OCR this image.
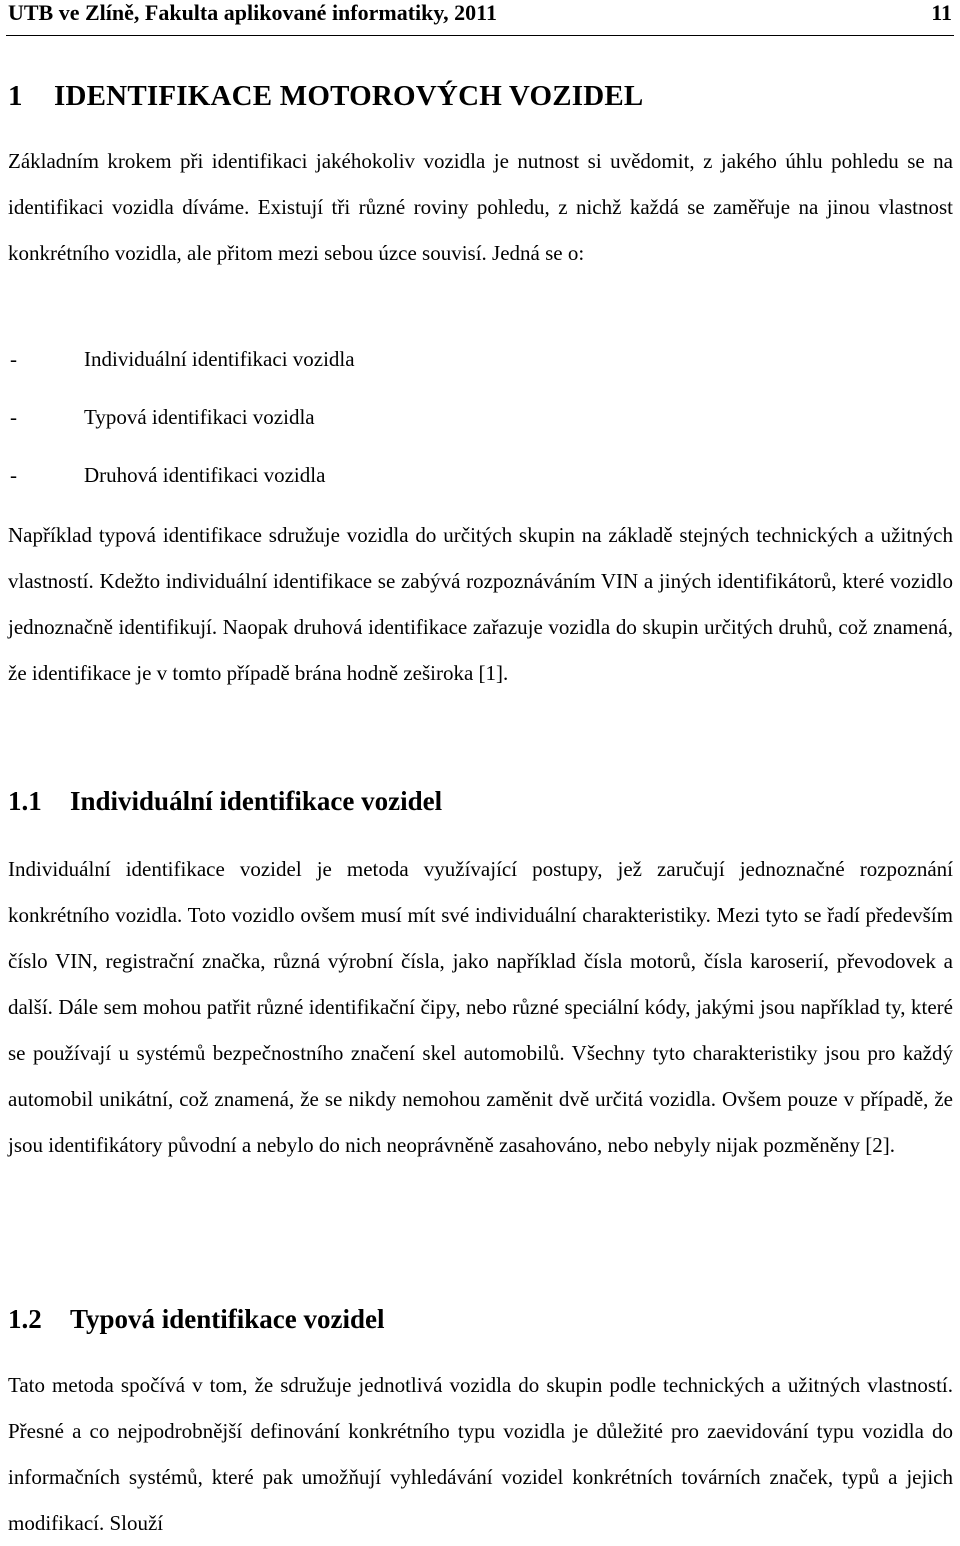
UTB ve Zlíně, Fakulta aplikované informatiky, 2011	11
1 IDENTIFIKACE MOTOROVÝCH VOZIDEL

Základním krokem při identifikaci jakéhokoliv vozidla je nutnost si uvědomit, z jakého úhlu pohledu se na identifikaci vozidla díváme. Existují tři různé roviny pohledu, z nichž každá se zaměřuje na jinou vlastnost konkrétního vozidla, ale přitom mezi sebou úzce souvisí. Jedná se o:

-	Individuální identifikaci vozidla
-	Typová identifikaci vozidla
-	Druhová identifikaci vozidla

Například typová identifikace sdružuje vozidla do určitých skupin na základě stejných technických a užitných vlastností. Kdežto individuální identifikace se zabývá rozpoznáváním VIN a jiných identifikátorů, které vozidlo jednoznačně identifikují. Naopak druhová identifikace zařazuje vozidla do skupin určitých druhů, což znamená, že identifikace je v tomto případě brána hodně zeširoka [1].

1.1 Individuální identifikace vozidel

Individuální identifikace vozidel je metoda využívající postupy, jež zaručují jednoznačné rozpoznání konkrétního vozidla. Toto vozidlo ovšem musí mít své individuální charakteristiky. Mezi tyto se řadí především číslo VIN, registrační značka, různá výrobní čísla, jako například čísla motorů, čísla karoserií, převodovek a další. Dále sem mohou patřit různé identifikační čipy, nebo různé speciální kódy, jakými jsou například ty, které se používají u systémů bezpečnostního značení skel automobilů. Všechny tyto charakteristiky jsou pro každý automobil unikátní, což znamená, že se nikdy nemohou zaměnit dvě určitá vozidla. Ovšem pouze v případě, že jsou identifikátory původní a nebylo do nich neoprávněně zasahováno, nebo nebyly nijak pozměněny [2].

1.2 Typová identifikace vozidel

Tato metoda spočívá v tom, že sdružuje jednotlivá vozidla do skupin podle technických a užitných vlastností. Přesné a co nejpodrobnější definování konkrétního typu vozidla je důležité pro zaevidování typu vozidla do informačních systémů, které pak umožňují vyhledávání vozidel konkrétních továrních značek, typů a jejich modifikací. Slouží
